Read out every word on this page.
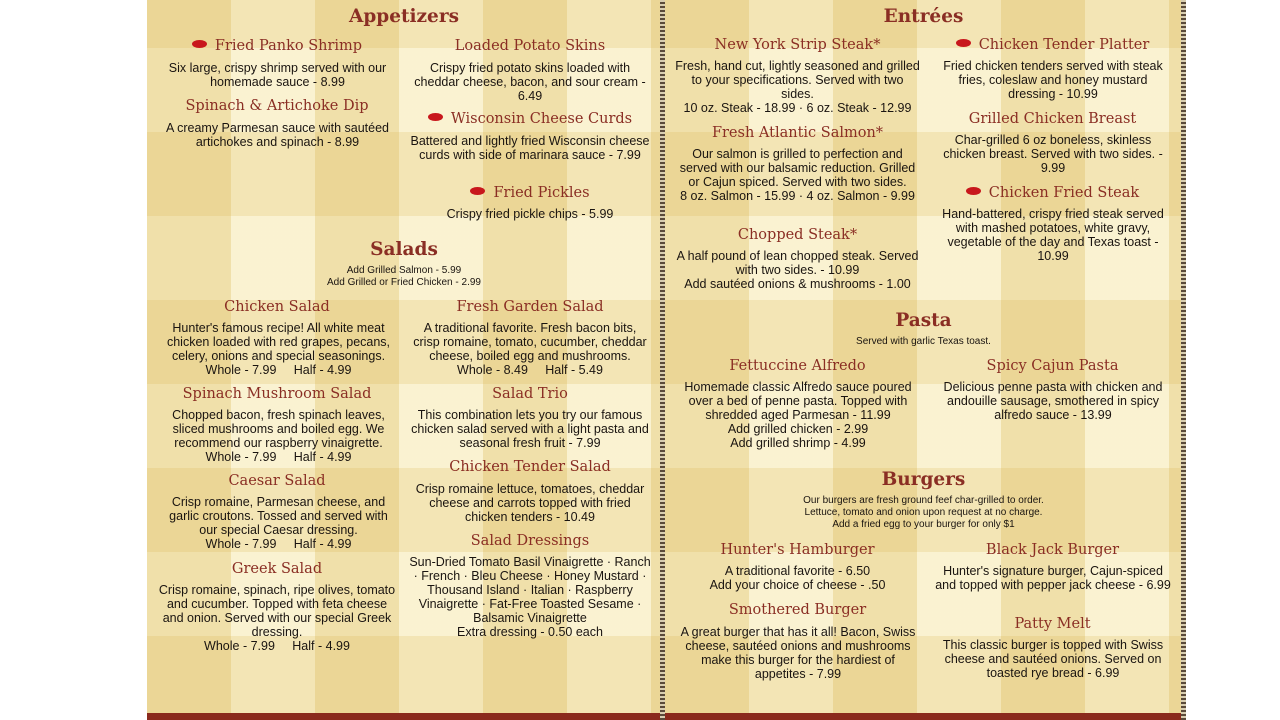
Appetizers
Fried Panko Shrimp

Six large, crispy shrimp served with our homemade sauce - 8.99

Spinach & Artichoke Dip

A creamy Parmesan sauce with sautéed artichokes and spinach - 8.99

Loaded Potato Skins

Crispy fried potato skins loaded with cheddar cheese, bacon, and sour cream - 6.49

Wisconsin Cheese Curds

Battered and lightly fried Wisconsin cheese curds with side of marinara sauce - 7.99

Fried Pickles

Crispy fried pickle chips - 5.99

Salads

Add Grilled Salmon - 5.99

Add Grilled or Fried Chicken - 2.99

Chicken Salad

Hunter's famous recipe! All white meat chicken loaded with red grapes, pecans, celery, onions and special seasonings.
Whole - 7.99     Half - 4.99

Spinach Mushroom Salad

Chopped bacon, fresh spinach leaves, sliced mushrooms and boiled egg. We recommend our raspberry vinaigrette.
Whole - 7.99     Half - 4.99

Caesar Salad

Crisp romaine, Parmesan cheese, and garlic croutons. Tossed and served with our special Caesar dressing.
Whole - 7.99     Half - 4.99

Greek Salad

Crisp romaine, spinach, ripe olives, tomato and cucumber. Topped with feta cheese and onion. Served with our special Greek dressing.
Whole - 7.99     Half - 4.99

Fresh Garden Salad

A traditional favorite. Fresh bacon bits, crisp romaine, tomato, cucumber, cheddar cheese, boiled egg and mushrooms.
Whole - 8.49     Half - 5.49

Salad Trio

This combination lets you try our famous chicken salad served with a light pasta and seasonal fresh fruit - 7.99

Chicken Tender Salad

Crisp romaine lettuce, tomatoes, cheddar cheese and carrots topped with fried chicken tenders - 10.49

Salad Dressings

Sun-Dried Tomato Basil Vinaigrette · Ranch · French · Bleu Cheese · Honey Mustard · Thousand Island · Italian · Raspberry Vinaigrette · Fat-Free Toasted Sesame · Balsamic Vinaigrette
Extra dressing - 0.50 each

Entrées
New York Strip Steak*

Fresh, hand cut, lightly seasoned and grilled to your specifications. Served with two sides.
10 oz. Steak - 18.99 · 6 oz. Steak - 12.99

Fresh Atlantic Salmon*

Our salmon is grilled to perfection and served with our balsamic reduction. Grilled or Cajun spiced. Served with two sides.
8 oz. Salmon - 15.99 · 4 oz. Salmon - 9.99

Chopped Steak*

A half pound of lean chopped steak. Served with two sides. - 10.99
Add sautéed onions & mushrooms - 1.00

Chicken Tender Platter

Fried chicken tenders served with steak fries, coleslaw and honey mustard dressing - 10.99

Grilled Chicken Breast

Char-grilled 6 oz boneless, skinless chicken breast. Served with two sides. - 9.99

Chicken Fried Steak

Hand-battered, crispy fried steak served with mashed potatoes, white gravy, vegetable of the day and Texas toast - 10.99

Pasta

Served with garlic Texas toast.

Fettuccine Alfredo

Homemade classic Alfredo sauce poured over a bed of penne pasta. Topped with shredded aged Parmesan - 11.99
Add grilled chicken - 2.99
Add grilled shrimp - 4.99

Spicy Cajun Pasta

Delicious penne pasta with chicken and andouille sausage, smothered in spicy alfredo sauce - 13.99

Burgers

Our burgers are fresh ground feef char-grilled to order.

Lettuce, tomato and onion upon request at no charge.

Add a fried egg to your burger for only $1

Hunter's Hamburger

A traditional favorite - 6.50
Add your choice of cheese - .50

Smothered Burger

A great burger that has it all! Bacon, Swiss cheese, sautéed onions and mushrooms make this burger for the hardiest of appetites - 7.99

Black Jack Burger

Hunter's signature burger, Cajun-spiced and topped with pepper jack cheese - 6.99

Patty Melt

This classic burger is topped with Swiss cheese and sautéed onions. Served on toasted rye bread - 6.99
